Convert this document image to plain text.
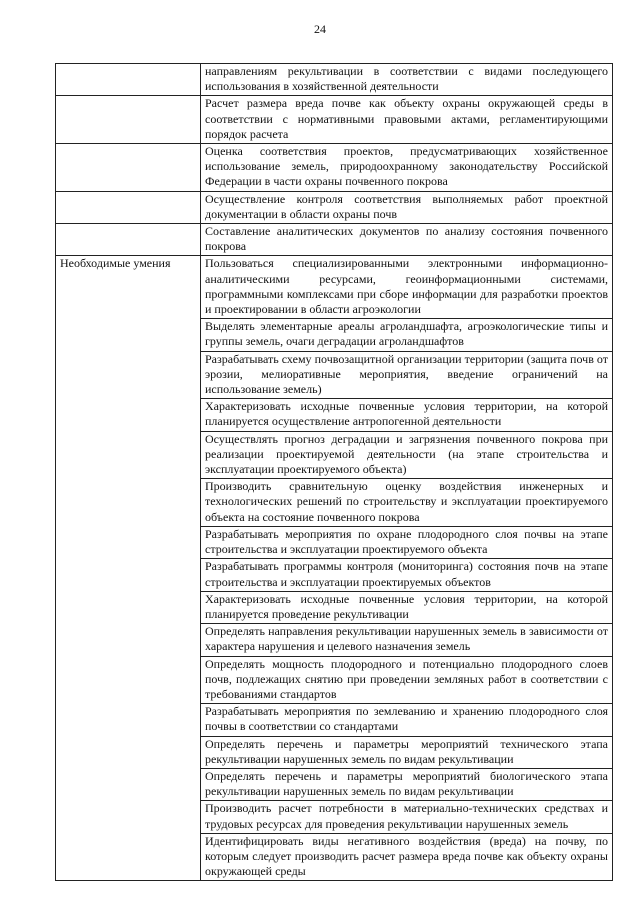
24
	направлениям рекультивации в соответствии с видами последующего использования в хозяйственной деятельности
	Расчет размера вреда почве как объекту охраны окружающей среды в соответствии с нормативными правовыми актами, регламентирующими порядок расчета
	Оценка соответствия проектов, предусматривающих хозяйственное использование земель, природоохранному законодательству Российской Федерации в части охраны почвенного покрова
	Осуществление контроля соответствия выполняемых работ проектной документации в области охраны почв
	Составление аналитических документов по анализу состояния почвенного покрова
Необходимые умения	Пользоваться специализированными электронными информационно-аналитическими ресурсами, геоинформационными системами, программными комплексами при сборе информации для разработки проектов и проектировании в области агроэкологии
	Выделять элементарные ареалы агроландшафта, агроэкологические типы и группы земель, очаги деградации агроландшафтов
	Разрабатывать схему почвозащитной организации территории (защита почв от эрозии, мелиоративные мероприятия, введение ограничений на использование земель)
	Характеризовать исходные почвенные условия территории, на которой планируется осуществление антропогенной деятельности
	Осуществлять прогноз деградации и загрязнения почвенного покрова при реализации проектируемой деятельности (на этапе строительства и эксплуатации проектируемого объекта)
	Производить сравнительную оценку воздействия инженерных и технологических решений по строительству и эксплуатации проектируемого объекта на состояние почвенного покрова
	Разрабатывать мероприятия по охране плодородного слоя почвы на этапе строительства и эксплуатации проектируемого объекта
	Разрабатывать программы контроля (мониторинга) состояния почв на этапе строительства и эксплуатации проектируемых объектов
	Характеризовать исходные почвенные условия территории, на которой планируется проведение рекультивации
	Определять направления рекультивации нарушенных земель в зависимости от характера нарушения и целевого назначения земель
	Определять мощность плодородного и потенциально плодородного слоев почв, подлежащих снятию при проведении земляных работ в соответствии с требованиями стандартов
	Разрабатывать мероприятия по землеванию и хранению плодородного слоя почвы в соответствии со стандартами
	Определять перечень и параметры мероприятий технического этапа рекультивации нарушенных земель по видам рекультивации
	Определять перечень и параметры мероприятий биологического этапа рекультивации нарушенных земель по видам рекультивации
	Производить расчет потребности в материально-технических средствах и трудовых ресурсах для проведения рекультивации нарушенных земель
	Идентифицировать виды негативного воздействия (вреда) на почву, по которым следует производить расчет размера вреда почве как объекту охраны окружающей среды
